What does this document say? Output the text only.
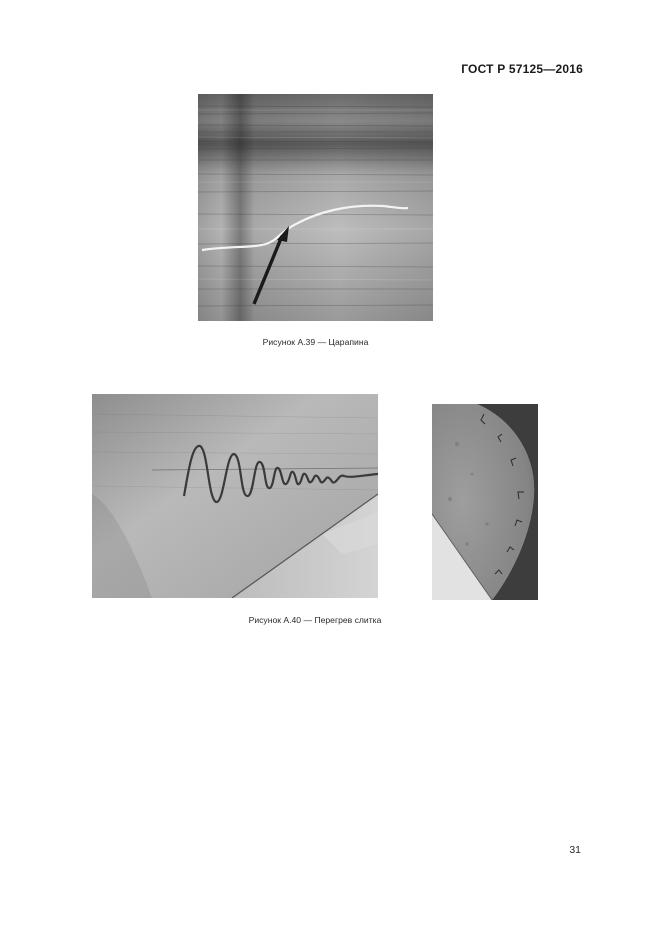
ГОСТ Р 57125—2016
Рисунок А.39 — Царапина
Рисунок А.40 — Перегрев слитка
31
